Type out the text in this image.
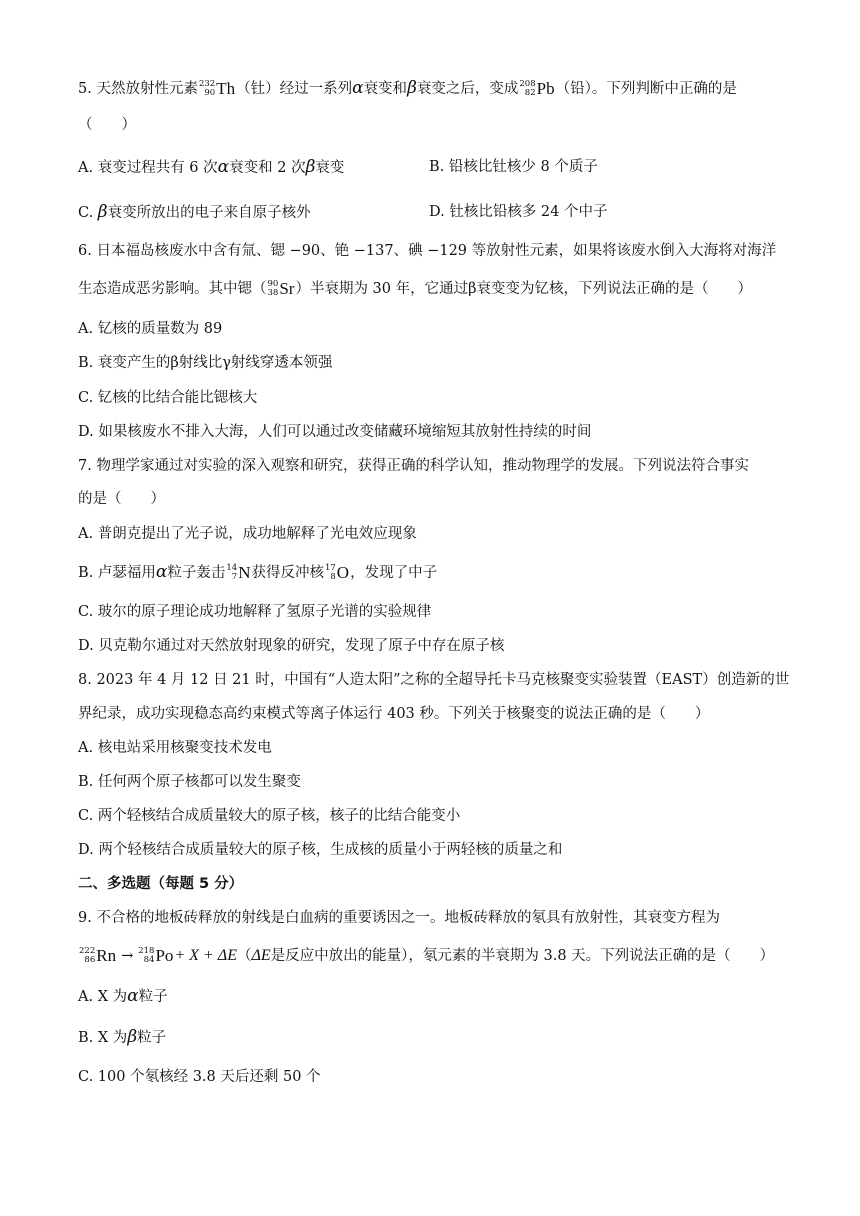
5. 天然放射性元素 232
90 Th （钍）经过一系列α衰变和β衰变之后，变成 208
82 Pb （铅）。下列判断中正确的是
（　　）
A. 衰变过程共有 6 次α衰变和 2 次β衰变	B. 铅核比钍核少 8 个质子
C. β衰变所放出的电子来自原子核外	D. 钍核比铅核多 24 个中子
6. 日本福岛核废水中含有氚、锶 −90、铯 −137、碘 −129 等放射性元素，如果将该废水倒入大海将对海洋
生态造成恶劣影响。其中锶（ 90
38 Sr ）半衰期为 30 年，它通过β衰变变为钇核，下列说法正确的是（　　）
A. 钇核的质量数为 89
B. 衰变产生的β射线比γ射线穿透本领强
C. 钇核的比结合能比锶核大
D. 如果核废水不排入大海，人们可以通过改变储藏环境缩短其放射性持续的时间
7. 物理学家通过对实验的深入观察和研究，获得正确的科学认知，推动物理学的发展。下列说法符合事实
的是（　　）
A. 普朗克提出了光子说，成功地解释了光电效应现象
B. 卢瑟福用α粒子轰击 14
7 N 获得反冲核 17
8 O ，发现了中子
C. 玻尔的原子理论成功地解释了氢原子光谱的实验规律
D. 贝克勒尔通过对天然放射现象的研究，发现了原子中存在原子核
8. 2023 年 4 月 12 日 21 时，中国有“人造太阳”之称的全超导托卡马克核聚变实验装置（EAST）创造新的世
界纪录，成功实现稳态高约束模式等离子体运行 403 秒。下列关于核聚变的说法正确的是（　　）
A. 核电站采用核聚变技术发电
B. 任何两个原子核都可以发生聚变
C. 两个轻核结合成质量较大的原子核，核子的比结合能变小
D. 两个轻核结合成质量较大的原子核，生成核的质量小于两轻核的质量之和
二、多选题（每题 5 分）
9. 不合格的地板砖释放的射线是白血病的重要诱因之一。地板砖释放的氡具有放射性，其衰变方程为
222
86 Rn → 218
84 Po + X + ΔE（ΔE是反应中放出的能量），氡元素的半衰期为 3.8 天。下列说法正确的是（　　）
A. X 为α粒子
B. X 为β粒子
C. 100 个氡核经 3.8 天后还剩 50 个
